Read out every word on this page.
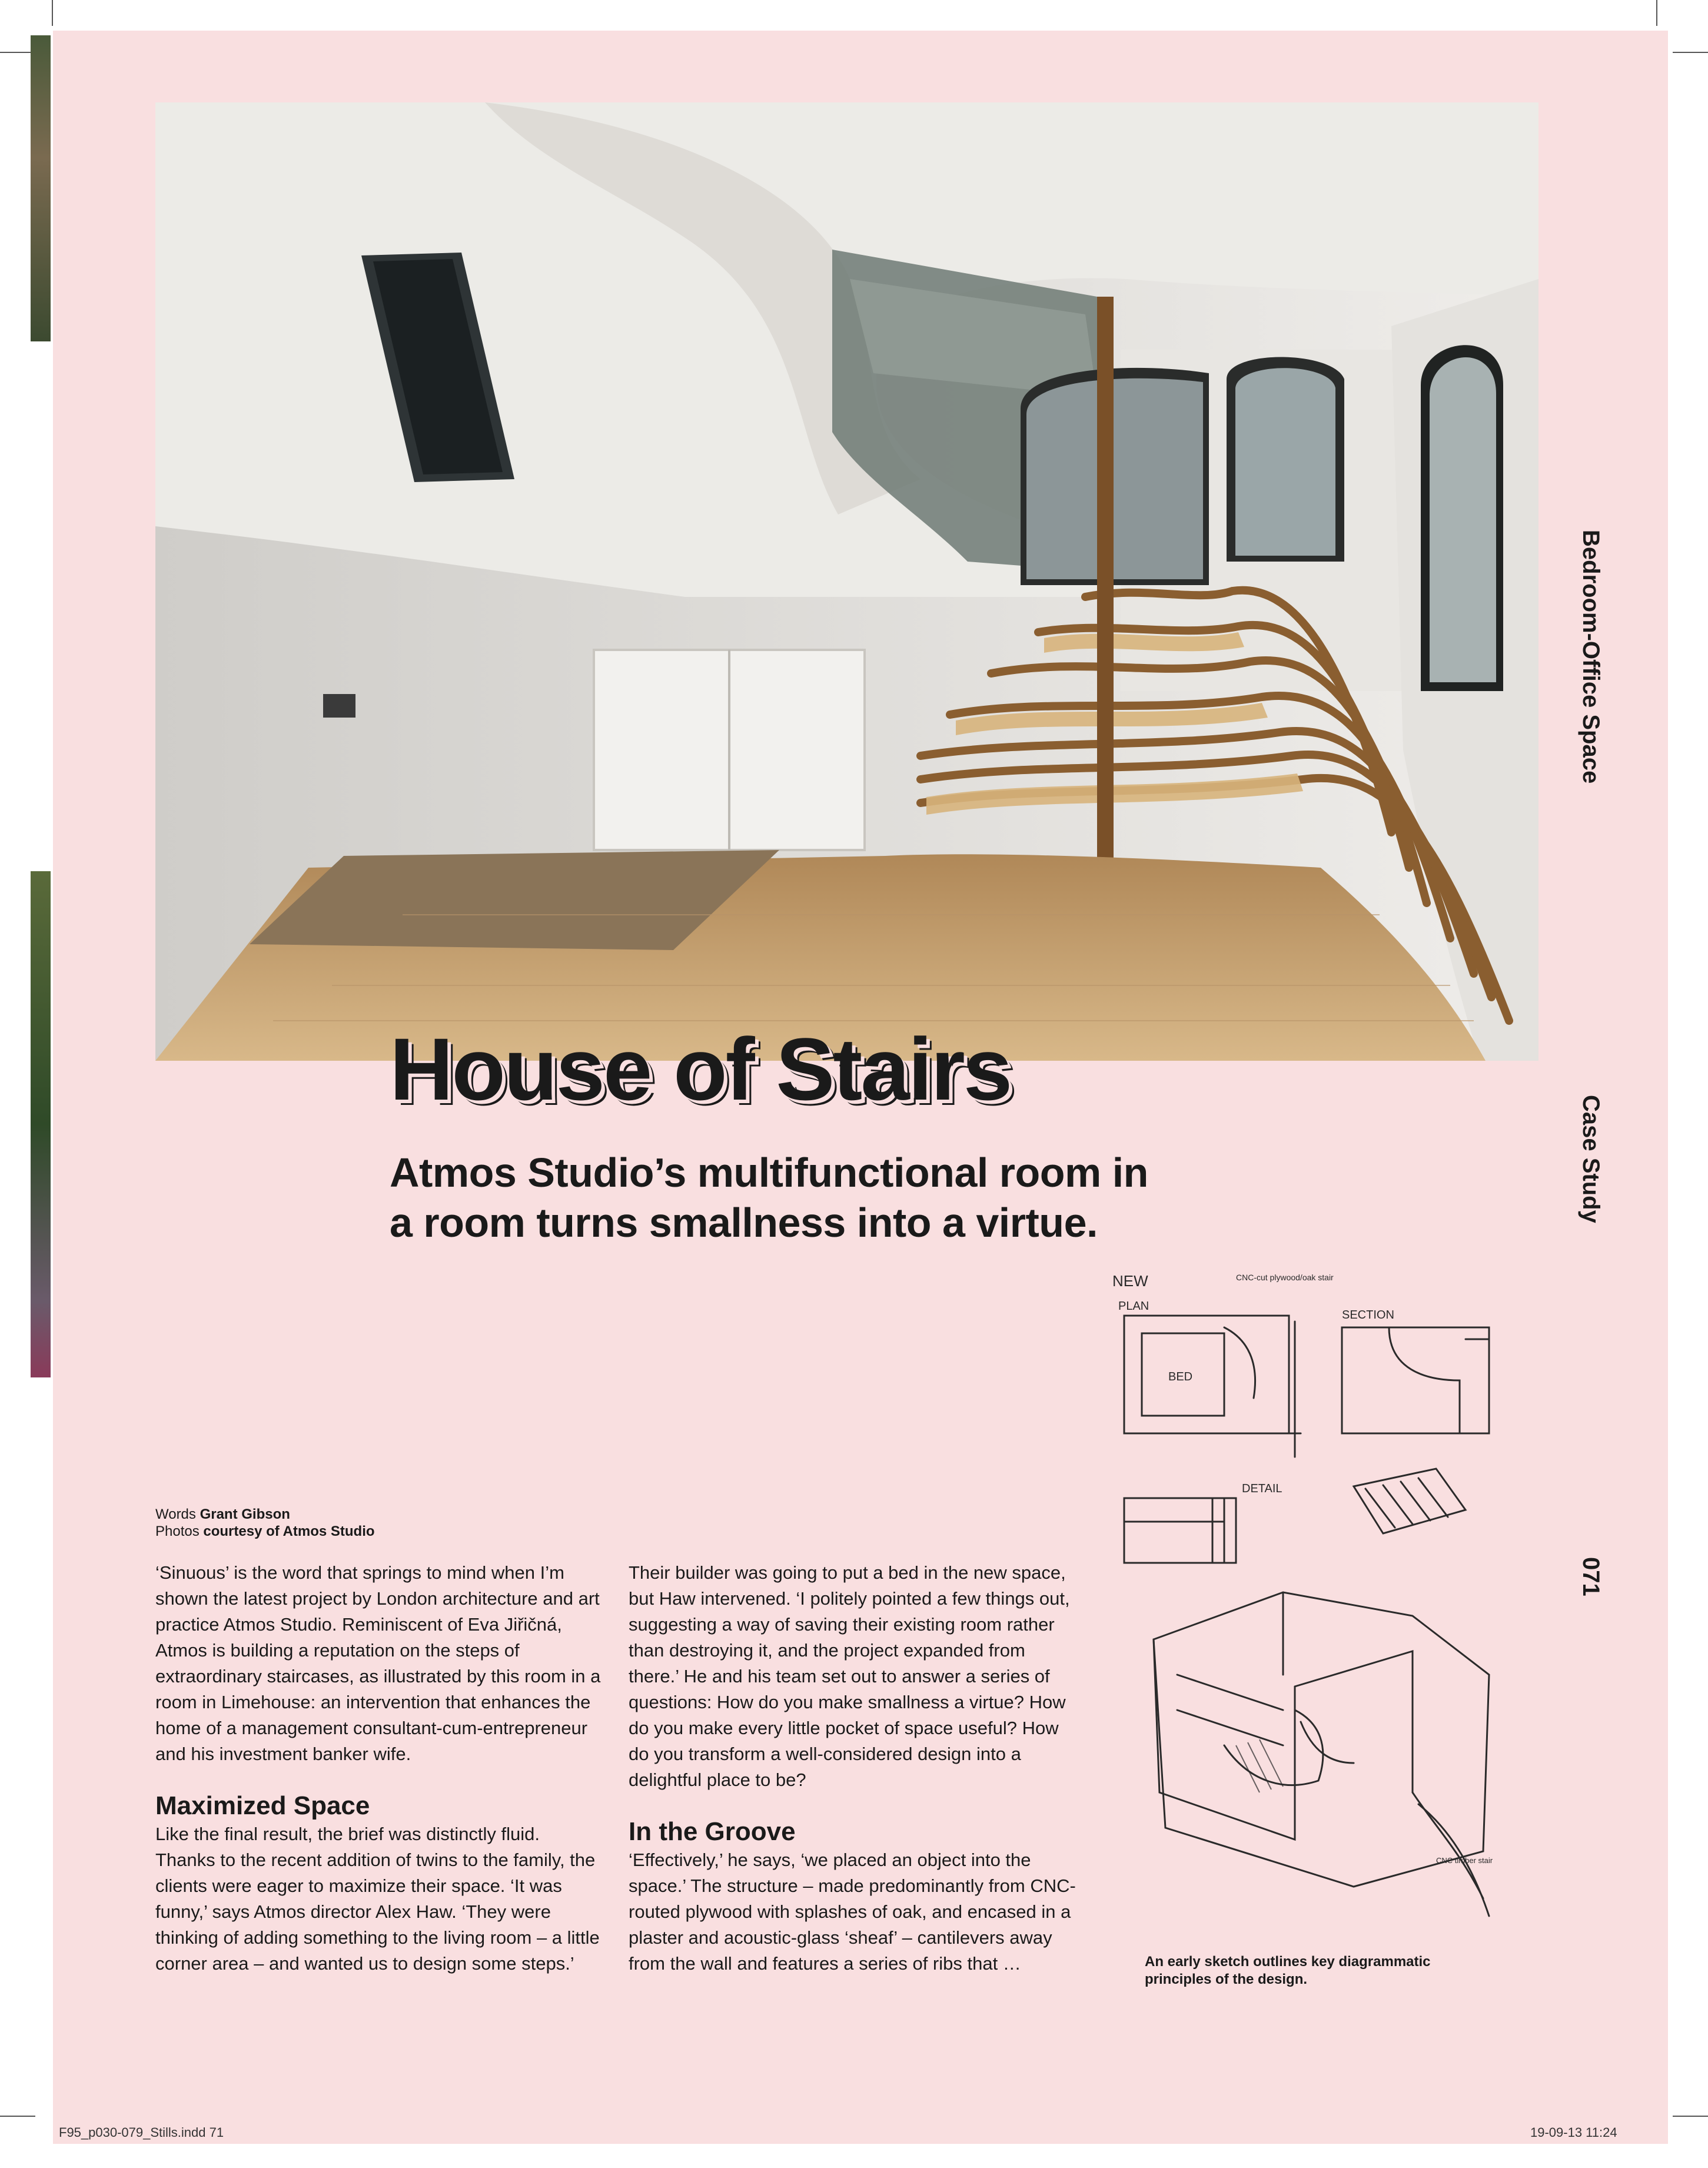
House of Stairs

Atmos Studio’s multifunctional room in a room turns smallness into a virtue.

Bedroom-Office Space
Case Study
071
Words Grant Gibson
Photos courtesy of Atmos Studio

‘Sinuous’ is the word that springs to mind when I’m shown the latest project by London architecture and art practice Atmos Studio. Reminiscent of Eva Jiřičná, Atmos is building a reputation on the steps of extraordinary staircases, as illustrated by this room in a room in Limehouse: an intervention that enhances the home of a management consultant-cum-entrepreneur and his investment banker wife.

Maximized Space

Like the final result, the brief was distinctly fluid. Thanks to the recent addition of twins to the family, the clients were eager to maximize their space. ‘It was funny,’ says Atmos director Alex Haw. ‘They were thinking of adding something to the living room – a little corner area – and wanted us to design some steps.’

Their builder was going to put a bed in the new space, but Haw intervened. ‘I politely pointed a few things out, suggesting a way of saving their existing room rather than destroying it, and the project expanded from there.’ He and his team set out to answer a series of questions: How do you make smallness a virtue? How do you make every little pocket of space useful? How do you transform a well-considered design into a delightful place to be?

In the Groove

‘Effectively,’ he says, ‘we placed an object into the space.’ The structure – made predominantly from CNC-routed plywood with splashes of oak, and encased in a plaster and acoustic-glass ‘sheaf’ – cantilevers away from the wall and features a series of ribs that …

NEW
PLAN
SECTION
DETAIL
BED
CNC-cut plywood/oak stair
CNC timber stair
An early sketch outlines key diagrammatic principles of the design.
F95_p030-079_Stills.indd 71	19-09-13 11:24
